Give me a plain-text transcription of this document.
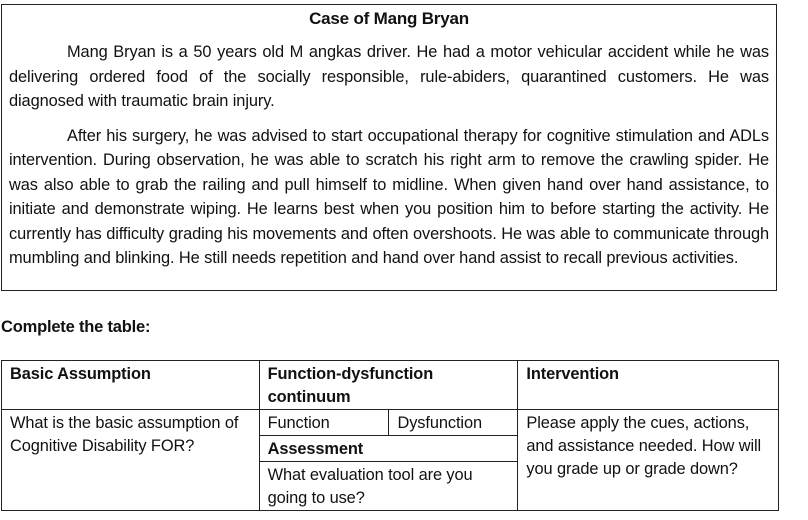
Case of Mang Bryan

Mang Bryan is a 50 years old M angkas driver. He had a motor vehicular accident while he was delivering ordered food of the socially responsible, rule-abiders, quarantined customers. He was diagnosed with traumatic brain injury.

After his surgery, he was advised to start occupational therapy for cognitive stimulation and ADLs intervention. During observation, he was able to scratch his right arm to remove the crawling spider. He was also able to grab the railing and pull himself to midline. When given hand over hand assistance, to initiate and demonstrate wiping. He learns best when you position him to before starting the activity. He currently has difficulty grading his movements and often overshoots. He was able to communicate through mumbling and blinking. He still needs repetition and hand over hand assist to recall previous activities.

Complete the table:
Basic Assumption	Function-dysfunction continuum		Intervention
What is the basic assumption of Cognitive Disability FOR?	Function	Dysfunction	Please apply the cues, actions, and assistance needed. How will you grade up or grade down?
	Assessment		
	What evaluation tool are you going to use?		
